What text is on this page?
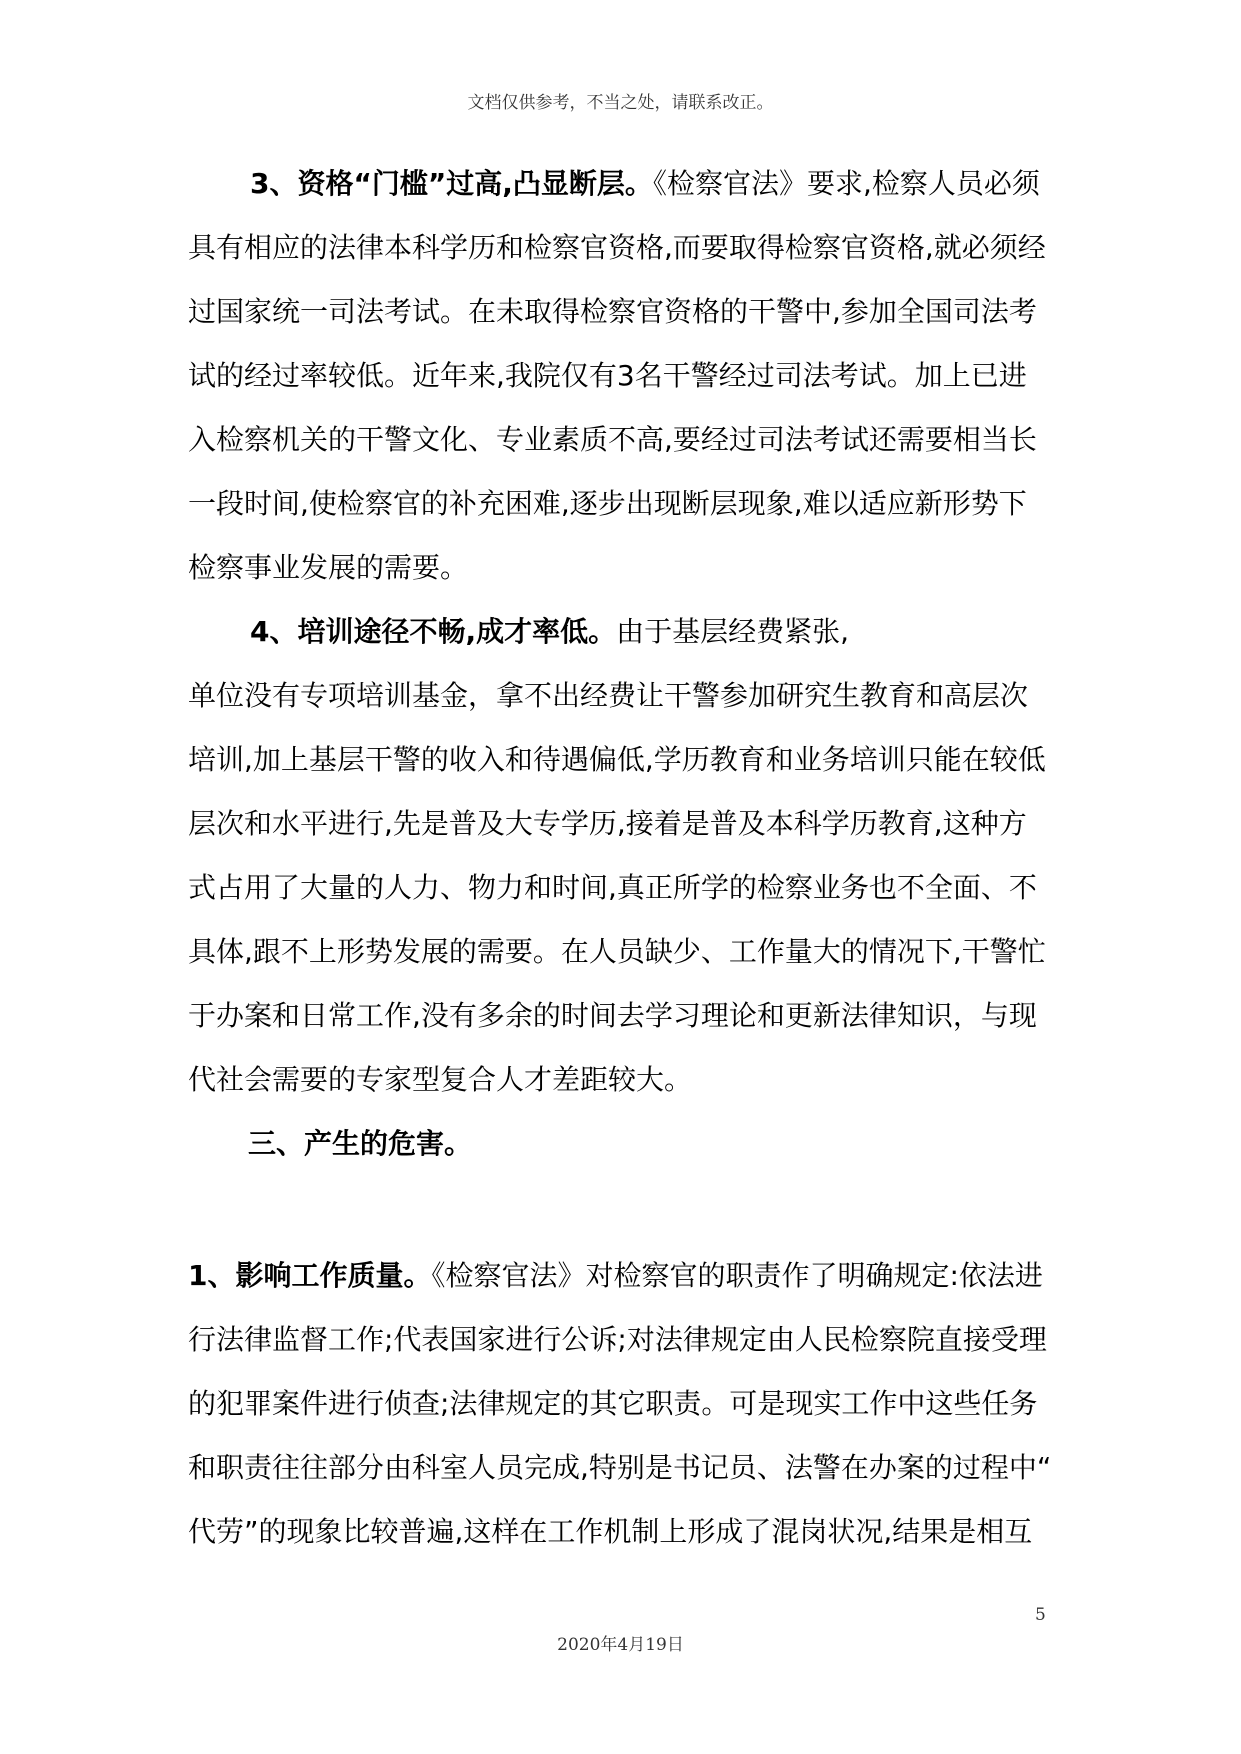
文档仅供参考，不当之处，请联系改正。
3、资格“门槛”过高,凸显断层。《检察官法》要求,检察人员必须
具有相应的法律本科学历和检察官资格,而要取得检察官资格,就必须经
过国家统一司法考试。在未取得检察官资格的干警中,参加全国司法考
试的经过率较低。近年来,我院仅有3名干警经过司法考试。加上已进
入检察机关的干警文化、专业素质不高,要经过司法考试还需要相当长
一段时间,使检察官的补充困难,逐步出现断层现象,难以适应新形势下
检察事业发展的需要。
4、培训途径不畅,成才率低。由于基层经费紧张,
单位没有专项培训基金，拿不出经费让干警参加研究生教育和高层次
培训,加上基层干警的收入和待遇偏低,学历教育和业务培训只能在较低
层次和水平进行,先是普及大专学历,接着是普及本科学历教育,这种方
式占用了大量的人力、物力和时间,真正所学的检察业务也不全面、不
具体,跟不上形势发展的需要。在人员缺少、工作量大的情况下,干警忙
于办案和日常工作,没有多余的时间去学习理论和更新法律知识，与现
代社会需要的专家型复合人才差距较大。
三、产生的危害。
1、影响工作质量。《检察官法》对检察官的职责作了明确规定:依法进
行法律监督工作;代表国家进行公诉;对法律规定由人民检察院直接受理
的犯罪案件进行侦查;法律规定的其它职责。可是现实工作中这些任务
和职责往往部分由科室人员完成,特别是书记员、法警在办案的过程中“
代劳”的现象比较普遍,这样在工作机制上形成了混岗状况,结果是相互
5
2020年4月19日
